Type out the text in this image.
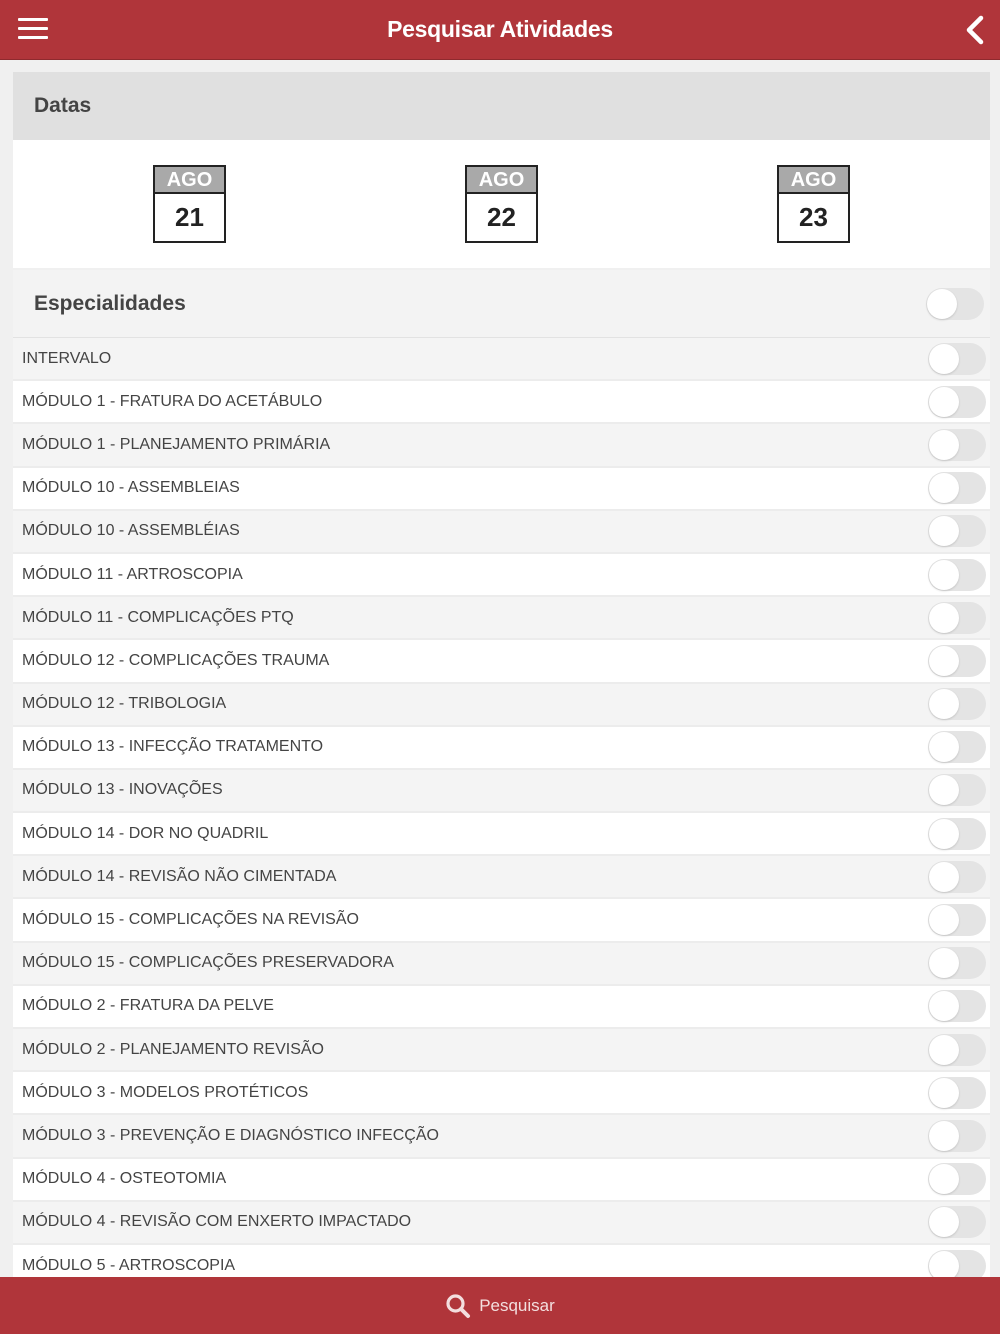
Pesquisar Atividades
Datas
AGO
21
AGO
22
AGO
23
Especialidades
INTERVALO
MÓDULO 1 - FRATURA DO ACETÁBULO
MÓDULO 1 - PLANEJAMENTO PRIMÁRIA
MÓDULO 10 - ASSEMBLEIAS
MÓDULO 10 - ASSEMBLÉIAS
MÓDULO 11 - ARTROSCOPIA
MÓDULO 11 - COMPLICAÇÕES PTQ
MÓDULO 12 - COMPLICAÇÕES TRAUMA
MÓDULO 12 - TRIBOLOGIA
MÓDULO 13 - INFECÇÃO TRATAMENTO
MÓDULO 13 - INOVAÇÕES
MÓDULO 14 - DOR NO QUADRIL
MÓDULO 14 - REVISÃO NÃO CIMENTADA
MÓDULO 15 - COMPLICAÇÕES NA REVISÃO
MÓDULO 15 - COMPLICAÇÕES PRESERVADORA
MÓDULO 2 - FRATURA DA PELVE
MÓDULO 2 - PLANEJAMENTO REVISÃO
MÓDULO 3 - MODELOS PROTÉTICOS
MÓDULO 3 - PREVENÇÃO E DIAGNÓSTICO INFECÇÃO
MÓDULO 4 - OSTEOTOMIA
MÓDULO 4 - REVISÃO COM ENXERTO IMPACTADO
MÓDULO 5 - ARTROSCOPIA
Pesquisar
